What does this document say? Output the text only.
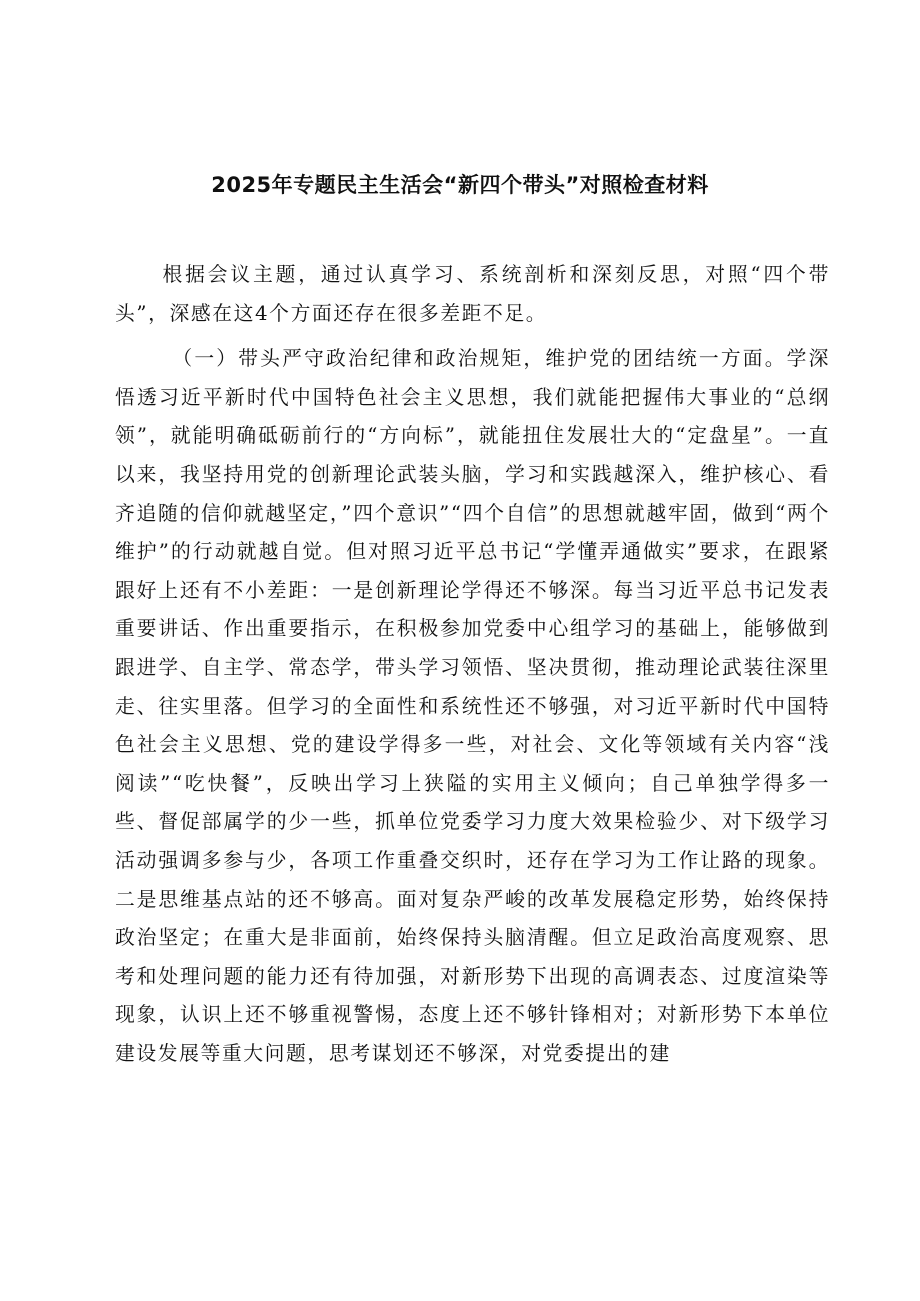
2025年专题民主生活会“新四个带头”对照检查材料

根据会议主题，通过认真学习、系统剖析和深刻反思，对照“四个带头”，深感在这4个方面还存在很多差距不足。

（一）带头严守政治纪律和政治规矩，维护党的团结统一方面。学深悟透习近平新时代中国特色社会主义思想，我们就能把握伟大事业的“总纲领”，就能明确砥砺前行的“方向标”，就能扭住发展壮大的“定盘星”。一直以来，我坚持用党的创新理论武装头脑，学习和实践越深入，维护核心、看齐追随的信仰就越坚定，”四个意识”“四个自信”的思想就越牢固，做到“两个维护”的行动就越自觉。但对照习近平总书记“学懂弄通做实”要求，在跟紧跟好上还有不小差距：一是创新理论学得还不够深。每当习近平总书记发表重要讲话、作出重要指示，在积极参加党委中心组学习的基础上，能够做到跟进学、自主学、常态学，带头学习领悟、坚决贯彻，推动理论武装往深里走、往实里落。但学习的全面性和系统性还不够强，对习近平新时代中国特色社会主义思想、党的建设学得多一些，对社会、文化等领域有关内容“浅阅读”“吃快餐”，反映出学习上狭隘的实用主义倾向；自己单独学得多一些、督促部属学的少一些，抓单位党委学习力度大效果检验少、对下级学习活动强调多参与少，各项工作重叠交织时，还存在学习为工作让路的现象。二是思维基点站的还不够高。面对复杂严峻的改革发展稳定形势，始终保持政治坚定；在重大是非面前，始终保持头脑清醒。但立足政治高度观察、思考和处理问题的能力还有待加强，对新形势下出现的高调表态、过度渲染等现象，认识上还不够重视警惕，态度上还不够针锋相对；对新形势下本单位建设发展等重大问题，思考谋划还不够深，对党委提出的建
